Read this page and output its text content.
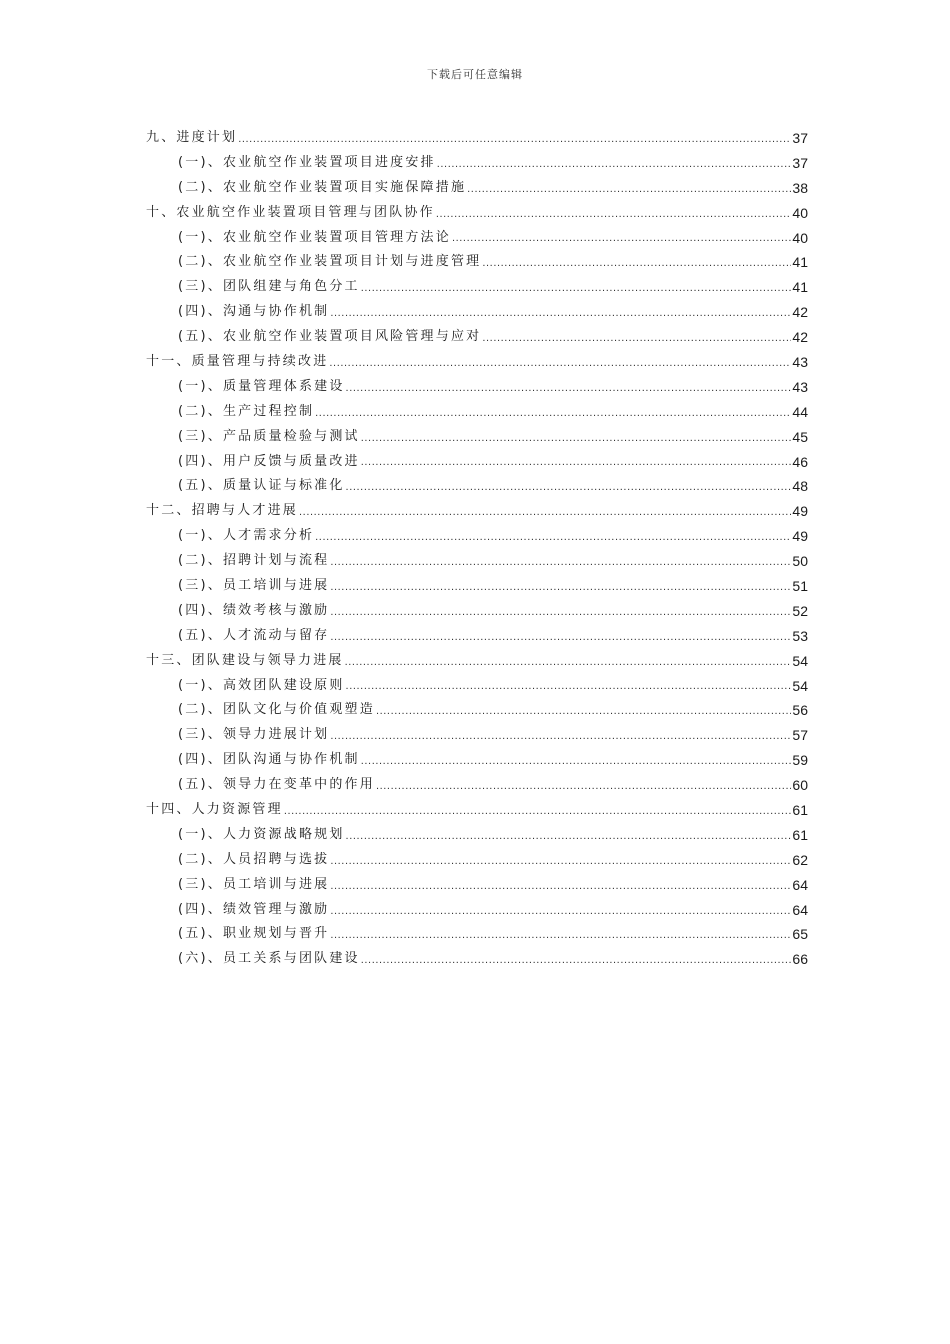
下载后可任意编辑
九、进度计划 .....	37
(一)、农业航空作业装置项目进度安排 .....	37
(二)、农业航空作业装置项目实施保障措施 .....	38
十、农业航空作业装置项目管理与团队协作 .....	40
(一)、农业航空作业装置项目管理方法论 .....	40
(二)、农业航空作业装置项目计划与进度管理 .....	41
(三)、团队组建与角色分工 .....	41
(四)、沟通与协作机制 .....	42
(五)、农业航空作业装置项目风险管理与应对 .....	42
十一、质量管理与持续改进 .....	43
(一)、质量管理体系建设 .....	43
(二)、生产过程控制 .....	44
(三)、产品质量检验与测试 .....	45
(四)、用户反馈与质量改进 .....	46
(五)、质量认证与标准化 .....	48
十二、招聘与人才进展 .....	49
(一)、人才需求分析 .....	49
(二)、招聘计划与流程 .....	50
(三)、员工培训与进展 .....	51
(四)、绩效考核与激励 .....	52
(五)、人才流动与留存 .....	53
十三、团队建设与领导力进展 .....	54
(一)、高效团队建设原则 .....	54
(二)、团队文化与价值观塑造 .....	56
(三)、领导力进展计划 .....	57
(四)、团队沟通与协作机制 .....	59
(五)、领导力在变革中的作用 .....	60
十四、人力资源管理 .....	61
(一)、人力资源战略规划 .....	61
(二)、人员招聘与选拔 .....	62
(三)、员工培训与进展 .....	64
(四)、绩效管理与激励 .....	64
(五)、职业规划与晋升 .....	65
(六)、员工关系与团队建设 .....	66
